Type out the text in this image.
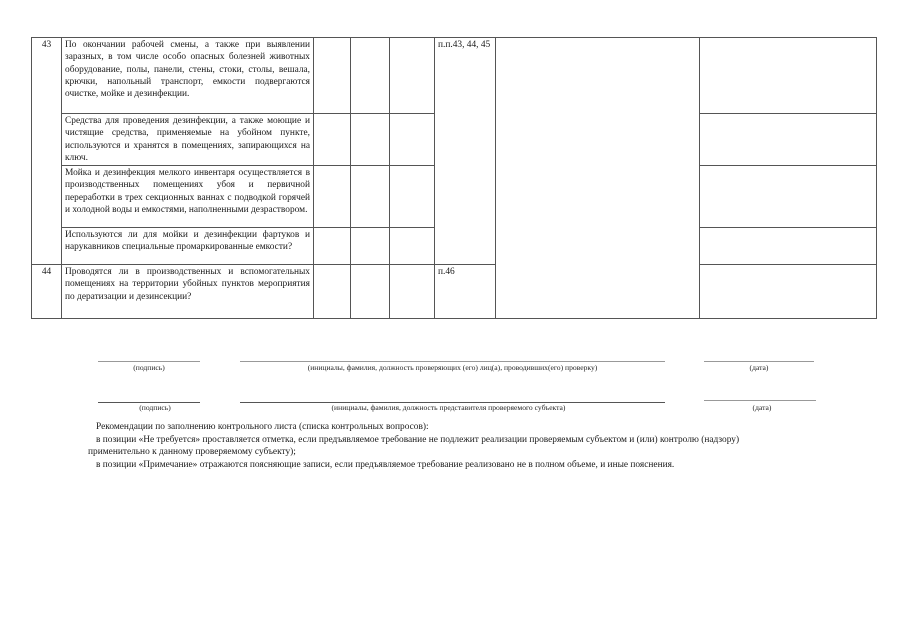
43	По окончании рабочей смены, а также при выявлении заразных, в том числе особо опасных болезней животных оборудование, полы, панели, стены, стоки, столы, вешала, крючки, напольный транспорт, емкости подвергаются очистке, мойке и дезинфекции.				п.п.43, 44, 45		
	Средства для проведения дезинфекции, а также моющие и чистящие средства, применяемые на убойном пункте, используются и хранятся в помещениях, запирающихся на ключ.						
	Мойка и дезинфекция мелкого инвентаря осуществляется в производственных помещениях убоя и первичной переработки в трех секционных ваннах с подводкой горячей и холодной воды и емкостями, наполненными дезраствором.						
	Используются ли для мойки и дезинфекции фартуков и нарукавников специальные промаркированные емкости?						
44	Проводятся ли в производственных и вспомогательных помещениях на территории убойных пунктов мероприятия по дератизации и дезинсекции?				п.46		
(подпись)	(инициалы, фамилия, должность проверяющих (его) лиц(а), проводивших(его) проверку)	(дата)
(подпись)	(инициалы, фамилия, должность представителя проверяемого субъекта)	(дата)

Рекомендации по заполнению контрольного листа (списка контрольных вопросов):

в позиции «Не требуется» проставляется отметка, если предъявляемое требование не подлежит реализации проверяемым субъектом и (или) контролю (надзору)

применительно к данному проверяемому субъекту);

в позиции «Примечание» отражаются поясняющие записи, если предъявляемое требование реализовано не в полном объеме, и иные пояснения.
